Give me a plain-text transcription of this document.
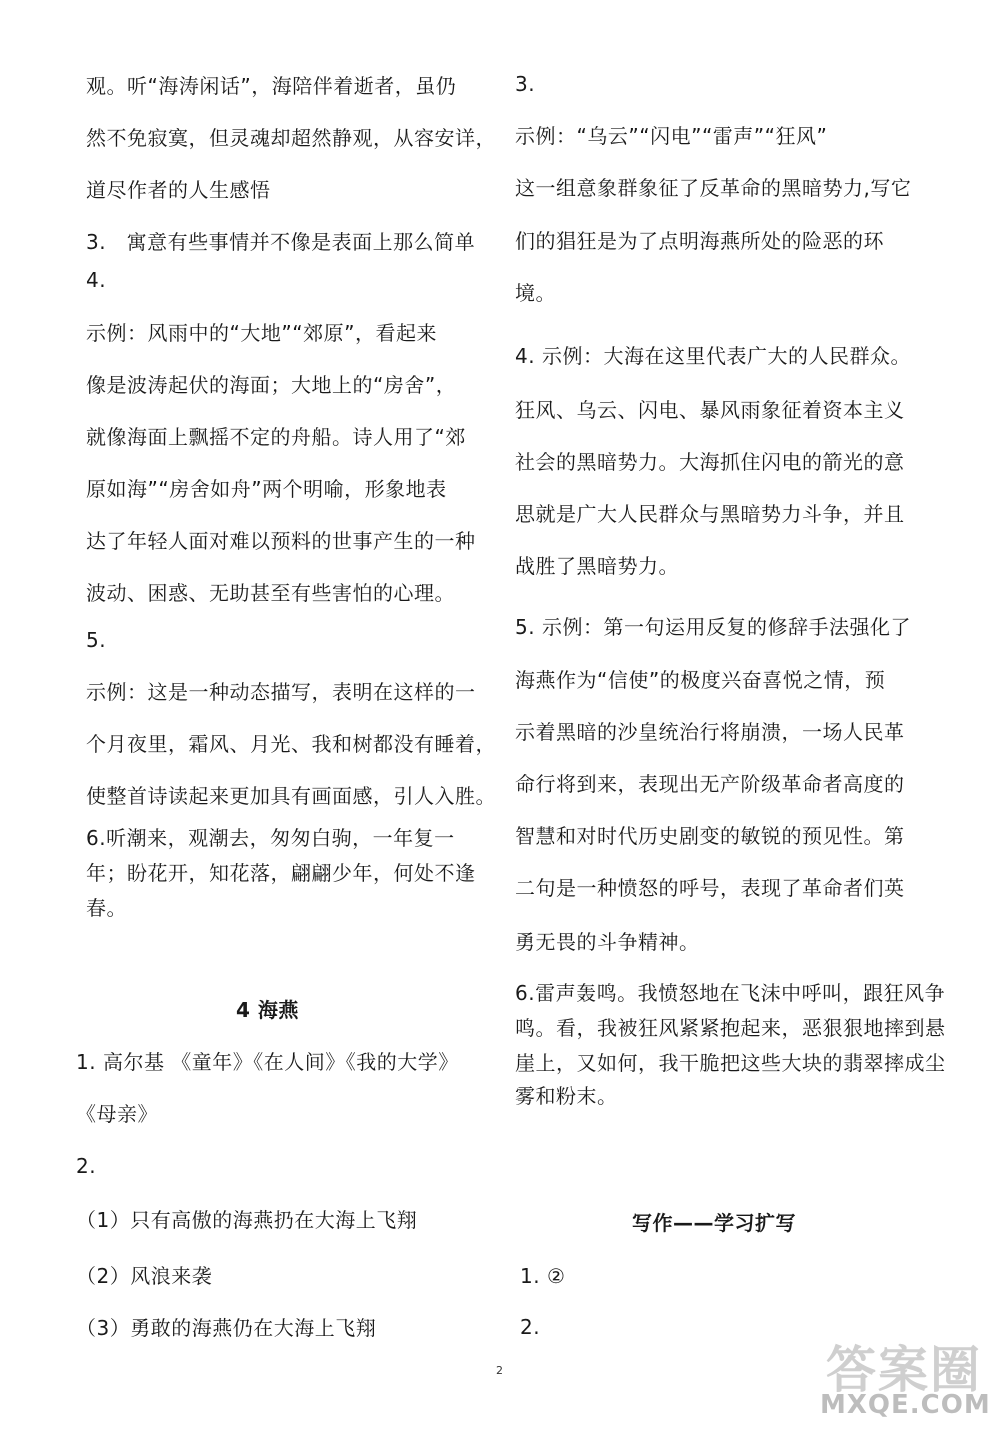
观。听“海涛闲话”，海陪伴着逝者，虽仍
然不免寂寞，但灵魂却超然静观，从容安详，
道尽作者的人生感悟
3.　寓意有些事情并不像是表面上那么简单
4.
示例：风雨中的“大地”“郊原”，看起来
像是波涛起伏的海面；大地上的“房舍”，
就像海面上飘摇不定的舟船。诗人用了“郊
原如海”“房舍如舟”两个明喻，形象地表
达了年轻人面对难以预料的世事产生的一种
波动、困惑、无助甚至有些害怕的心理。
5.
示例：这是一种动态描写，表明在这样的一
个月夜里，霜风、月光、我和树都没有睡着，
使整首诗读起来更加具有画面感，引人入胜。
6.听潮来，观潮去，匆匆白驹，一年复一
年；盼花开，知花落，翩翩少年，何处不逢
春。
4 海燕
1. 高尔基 《童年》《在人间》《我的大学》
《母亲》
2.
（1）只有高傲的海燕扔在大海上飞翔
（2）风浪来袭
（3）勇敢的海燕仍在大海上飞翔
3.
示例：“乌云”“闪电”“雷声”“狂风”
这一组意象群象征了反革命的黑暗势力,写它
们的猖狂是为了点明海燕所处的险恶的环
境。
4. 示例：大海在这里代表广大的人民群众。
狂风、乌云、闪电、暴风雨象征着资本主义
社会的黑暗势力。大海抓住闪电的箭光的意
思就是广大人民群众与黑暗势力斗争，并且
战胜了黑暗势力。
5. 示例：第一句运用反复的修辞手法强化了
海燕作为“信使”的极度兴奋喜悦之情，预
示着黑暗的沙皇统治行将崩溃，一场人民革
命行将到来，表现出无产阶级革命者高度的
智慧和对时代历史剧变的敏锐的预见性。第
二句是一种愤怒的呼号，表现了革命者们英
勇无畏的斗争精神。
6.雷声轰鸣。我愤怒地在飞沫中呼叫，跟狂风争
鸣。看，我被狂风紧紧抱起来，恶狠狠地摔到悬
崖上，又如何，我干脆把这些大块的翡翠摔成尘
雾和粉末。
写作——学习扩写
1. ②
2.
2	答案圈
MXQE.COM
